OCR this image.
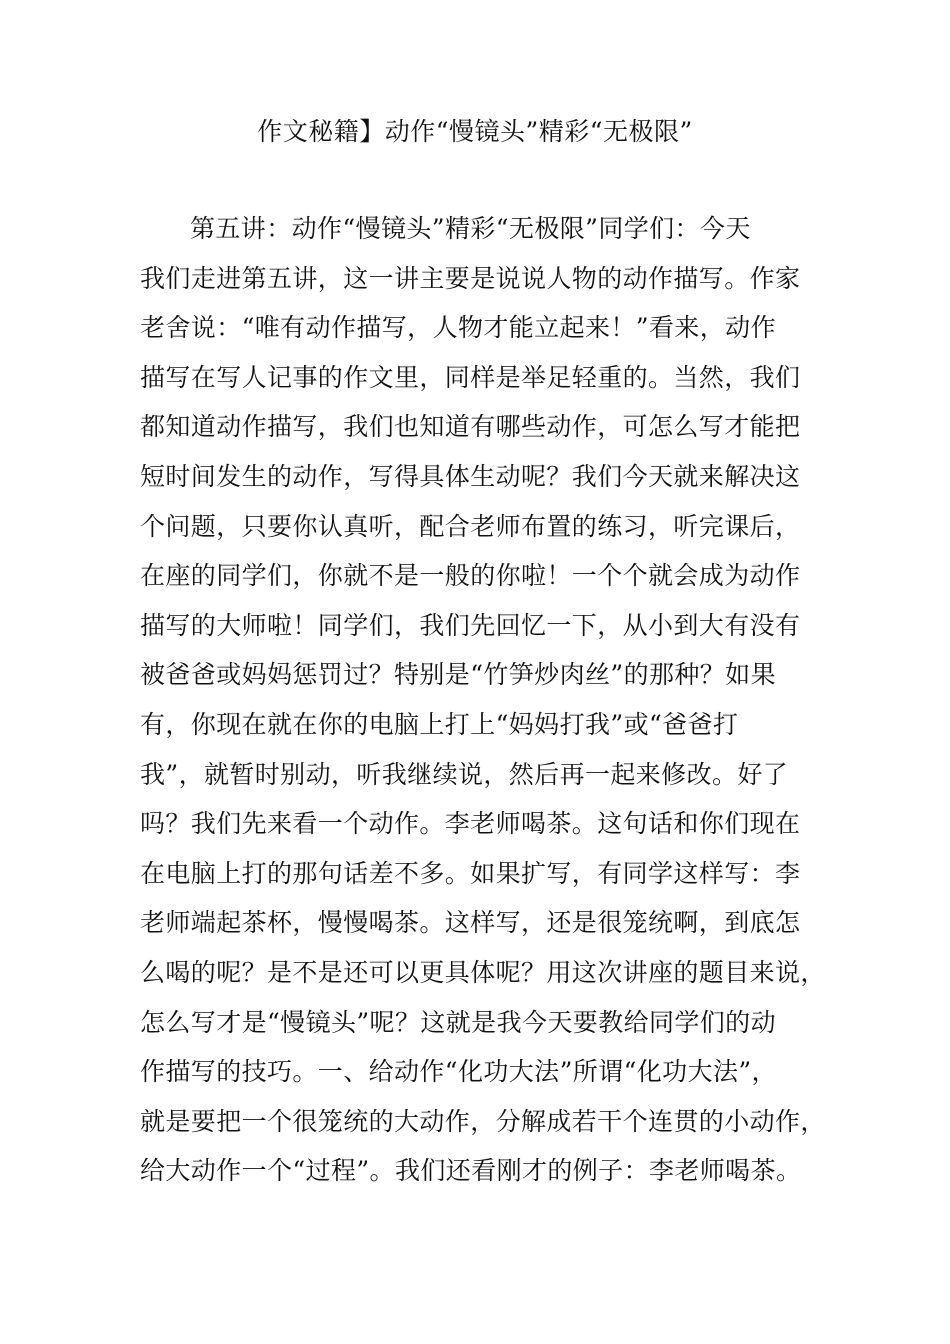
作文秘籍】动作“慢镜头”精彩“无极限”
第五讲：动作“慢镜头”精彩“无极限”同学们：今天
我们走进第五讲，这一讲主要是说说人物的动作描写。作家
老舍说：“唯有动作描写，人物才能立起来！”看来，动作
描写在写人记事的作文里，同样是举足轻重的。当然，我们
都知道动作描写，我们也知道有哪些动作，可怎么写才能把
短时间发生的动作，写得具体生动呢？我们今天就来解决这
个问题，只要你认真听，配合老师布置的练习，听完课后，
在座的同学们，你就不是一般的你啦！一个个就会成为动作
描写的大师啦！同学们，我们先回忆一下，从小到大有没有
被爸爸或妈妈惩罚过？特别是“竹笋炒肉丝”的那种？如果
有，你现在就在你的电脑上打上“妈妈打我”或“爸爸打
我”，就暂时别动，听我继续说，然后再一起来修改。好了
吗？我们先来看一个动作。李老师喝茶。这句话和你们现在
在电脑上打的那句话差不多。如果扩写，有同学这样写：李
老师端起茶杯，慢慢喝茶。这样写，还是很笼统啊，到底怎
么喝的呢？是不是还可以更具体呢？用这次讲座的题目来说，
怎么写才是“慢镜头”呢？这就是我今天要教给同学们的动
作描写的技巧。一、给动作“化功大法”所谓“化功大法”，
就是要把一个很笼统的大动作，分解成若干个连贯的小动作，
给大动作一个“过程”。我们还看刚才的例子：李老师喝茶。
